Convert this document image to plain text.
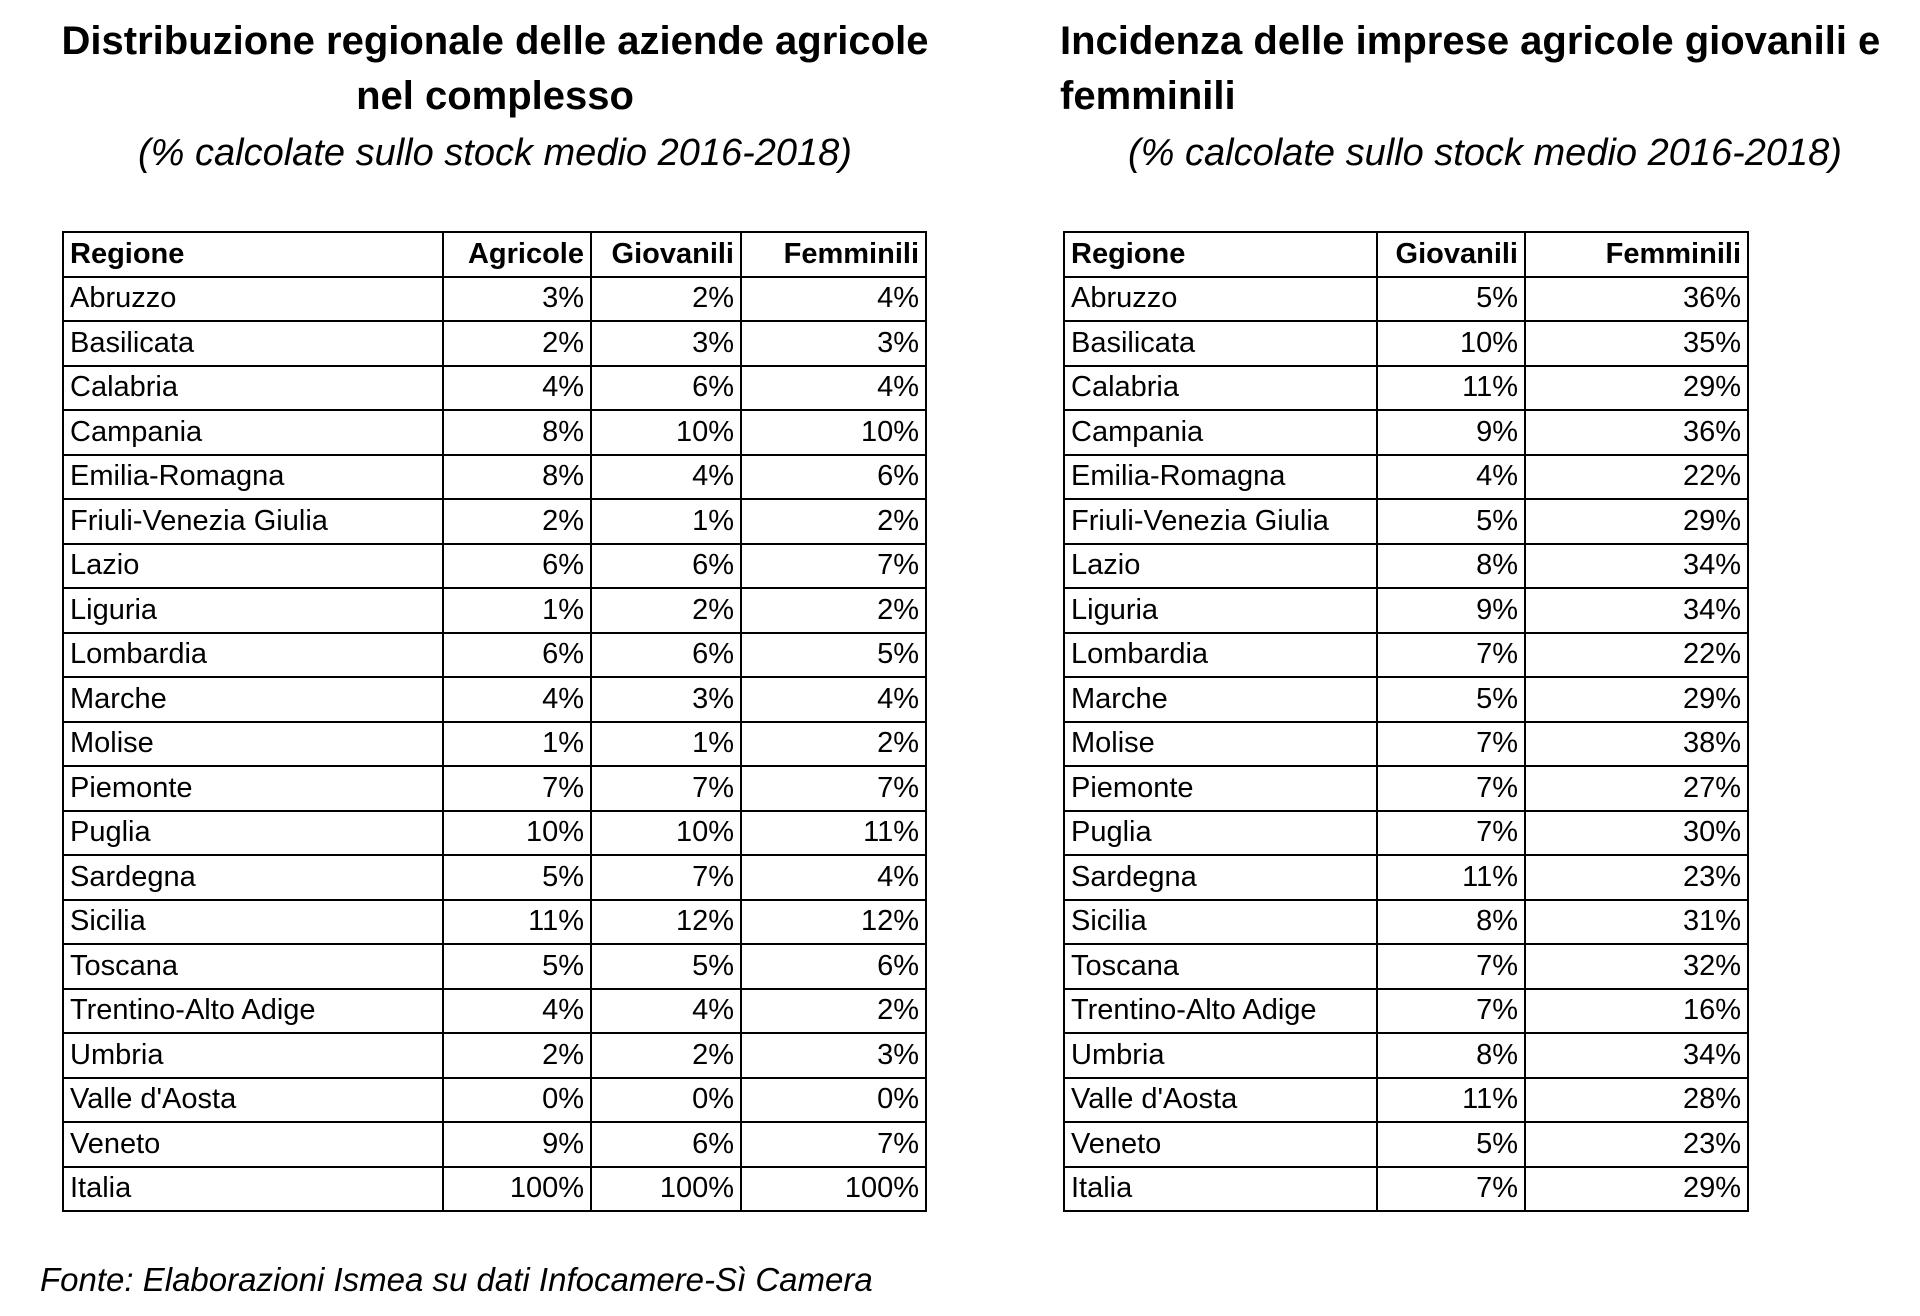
Distribuzione regionale delle aziende agricole nel complesso

(% calcolate sullo stock medio 2016-2018)

Incidenza delle imprese agricole giovanili e femminili

(% calcolate sullo stock medio 2016-2018)

Regione	Agricole	Giovanili	Femminili
Abruzzo	3%	2%	4%
Basilicata	2%	3%	3%
Calabria	4%	6%	4%
Campania	8%	10%	10%
Emilia-Romagna	8%	4%	6%
Friuli-Venezia Giulia	2%	1%	2%
Lazio	6%	6%	7%
Liguria	1%	2%	2%
Lombardia	6%	6%	5%
Marche	4%	3%	4%
Molise	1%	1%	2%
Piemonte	7%	7%	7%
Puglia	10%	10%	11%
Sardegna	5%	7%	4%
Sicilia	11%	12%	12%
Toscana	5%	5%	6%
Trentino-Alto Adige	4%	4%	2%
Umbria	2%	2%	3%
Valle d'Aosta	0%	0%	0%
Veneto	9%	6%	7%
Italia	100%	100%	100%
Regione	Giovanili	Femminili
Abruzzo	5%	36%
Basilicata	10%	35%
Calabria	11%	29%
Campania	9%	36%
Emilia-Romagna	4%	22%
Friuli-Venezia Giulia	5%	29%
Lazio	8%	34%
Liguria	9%	34%
Lombardia	7%	22%
Marche	5%	29%
Molise	7%	38%
Piemonte	7%	27%
Puglia	7%	30%
Sardegna	11%	23%
Sicilia	8%	31%
Toscana	7%	32%
Trentino-Alto Adige	7%	16%
Umbria	8%	34%
Valle d'Aosta	11%	28%
Veneto	5%	23%
Italia	7%	29%

Fonte: Elaborazioni Ismea su dati Infocamere-Sì Camera
